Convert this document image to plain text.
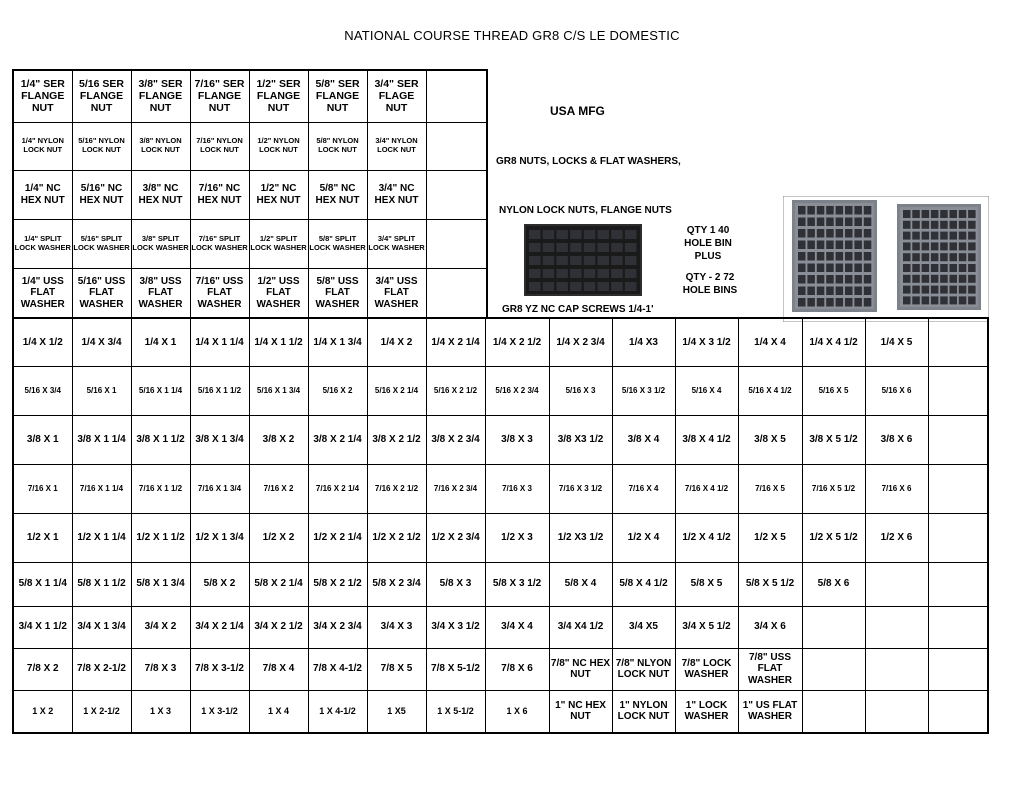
NATIONAL COURSE THREAD GR8 C/S LE DOMESTIC
1/4" SER FLANGE NUT	5/16 SER FLANGE NUT	3/8" SER FLANGE NUT	7/16" SER FLANGE NUT	1/2" SER FLANGE NUT	5/8" SER FLANGE NUT	3/4" SER FLAGE NUT	
1/4" NYLON LOCK NUT	5/16" NYLON LOCK NUT	3/8" NYLON LOCK NUT	7/16" NYLON LOCK NUT	1/2" NYLON LOCK NUT	5/8" NYLON LOCK NUT	3/4" NYLON LOCK NUT	
1/4" NC HEX NUT	5/16" NC HEX NUT	3/8" NC HEX NUT	7/16" NC HEX NUT	1/2" NC HEX NUT	5/8" NC HEX NUT	3/4" NC HEX NUT	
1/4" SPLIT LOCK WASHER	5/16" SPLIT LOCK WASHER	3/8" SPLIT LOCK WASHER	7/16" SPLIT LOCK WASHER	1/2" SPLIT LOCK WASHER	5/8" SPLIT LOCK WASHER	3/4" SPLIT LOCK WASHER	
1/4" USS FLAT WASHER	5/16" USS FLAT WASHER	3/8" USS FLAT WASHER	7/16" USS FLAT WASHER	1/2" USS FLAT WASHER	5/8" USS FLAT WASHER	3/4" USS FLAT WASHER	
USA MFG
GR8 NUTS, LOCKS & FLAT WASHERS,
NYLON LOCK NUTS, FLANGE NUTS
QTY 1 40 HOLE BIN PLUS
QTY - 2 72 HOLE BINS
GR8 YZ NC CAP SCREWS 1/4-1'
1/4 X 1/2	1/4 X 3/4	1/4 X 1	1/4 X 1 1/4	1/4 X 1 1/2	1/4 X 1 3/4	1/4 X 2	1/4 X 2 1/4	1/4 X 2 1/2	1/4 X 2 3/4	1/4 X3	1/4 X 3 1/2	1/4 X 4	1/4 X 4 1/2	1/4 X 5	
5/16 X 3/4	5/16 X 1	5/16 X 1 1/4	5/16 X 1 1/2	5/16 X 1 3/4	5/16 X 2	5/16 X 2 1/4	5/16 X 2 1/2	5/16 X 2 3/4	5/16 X 3	5/16 X 3 1/2	5/16 X 4	5/16 X 4 1/2	5/16 X 5	5/16 X 6	
3/8 X 1	3/8 X 1 1/4	3/8 X 1 1/2	3/8 X 1 3/4	3/8 X 2	3/8 X 2 1/4	3/8 X 2 1/2	3/8 X 2 3/4	3/8 X 3	3/8 X3 1/2	3/8 X 4	3/8 X 4 1/2	3/8 X 5	3/8 X 5 1/2	3/8 X 6	
7/16 X 1	7/16 X 1 1/4	7/16 X 1 1/2	7/16 X 1 3/4	7/16 X 2	7/16 X 2 1/4	7/16 X 2 1/2	7/16 X 2 3/4	7/16 X 3	7/16 X 3 1/2	7/16 X 4	7/16 X 4 1/2	7/16 X 5	7/16 X 5 1/2	7/16 X 6	
1/2 X 1	1/2 X 1 1/4	1/2 X 1 1/2	1/2 X 1 3/4	1/2 X 2	1/2 X 2 1/4	1/2 X 2 1/2	1/2 X 2 3/4	1/2 X 3	1/2 X3 1/2	1/2 X 4	1/2 X 4 1/2	1/2 X 5	1/2 X 5 1/2	1/2 X 6	
5/8 X 1 1/4	5/8 X 1 1/2	5/8 X 1 3/4	5/8 X 2	5/8 X 2 1/4	5/8 X 2 1/2	5/8 X 2 3/4	5/8 X 3	5/8 X 3 1/2	5/8 X 4	5/8 X 4 1/2	5/8 X 5	5/8 X 5 1/2	5/8 X 6		
3/4 X 1 1/2	3/4 X 1 3/4	3/4 X 2	3/4 X 2 1/4	3/4 X 2 1/2	3/4 X 2 3/4	3/4 X 3	3/4 X 3 1/2	3/4 X 4	3/4 X4 1/2	3/4 X5	3/4 X 5 1/2	3/4 X 6			
7/8 X 2	7/8 X 2-1/2	7/8 X 3	7/8 X 3-1/2	7/8 X 4	7/8 X 4-1/2	7/8 X 5	7/8 X 5-1/2	7/8 X 6	7/8" NC HEX NUT	7/8" NLYON LOCK NUT	7/8" LOCK WASHER	7/8" USS FLAT WASHER			
1 X 2	1 X 2-1/2	1 X 3	1 X 3-1/2	1 X 4	1 X 4-1/2	1 X5	1 X 5-1/2	1 X 6	1" NC HEX NUT	1" NYLON LOCK NUT	1" LOCK WASHER	1" US FLAT WASHER			
